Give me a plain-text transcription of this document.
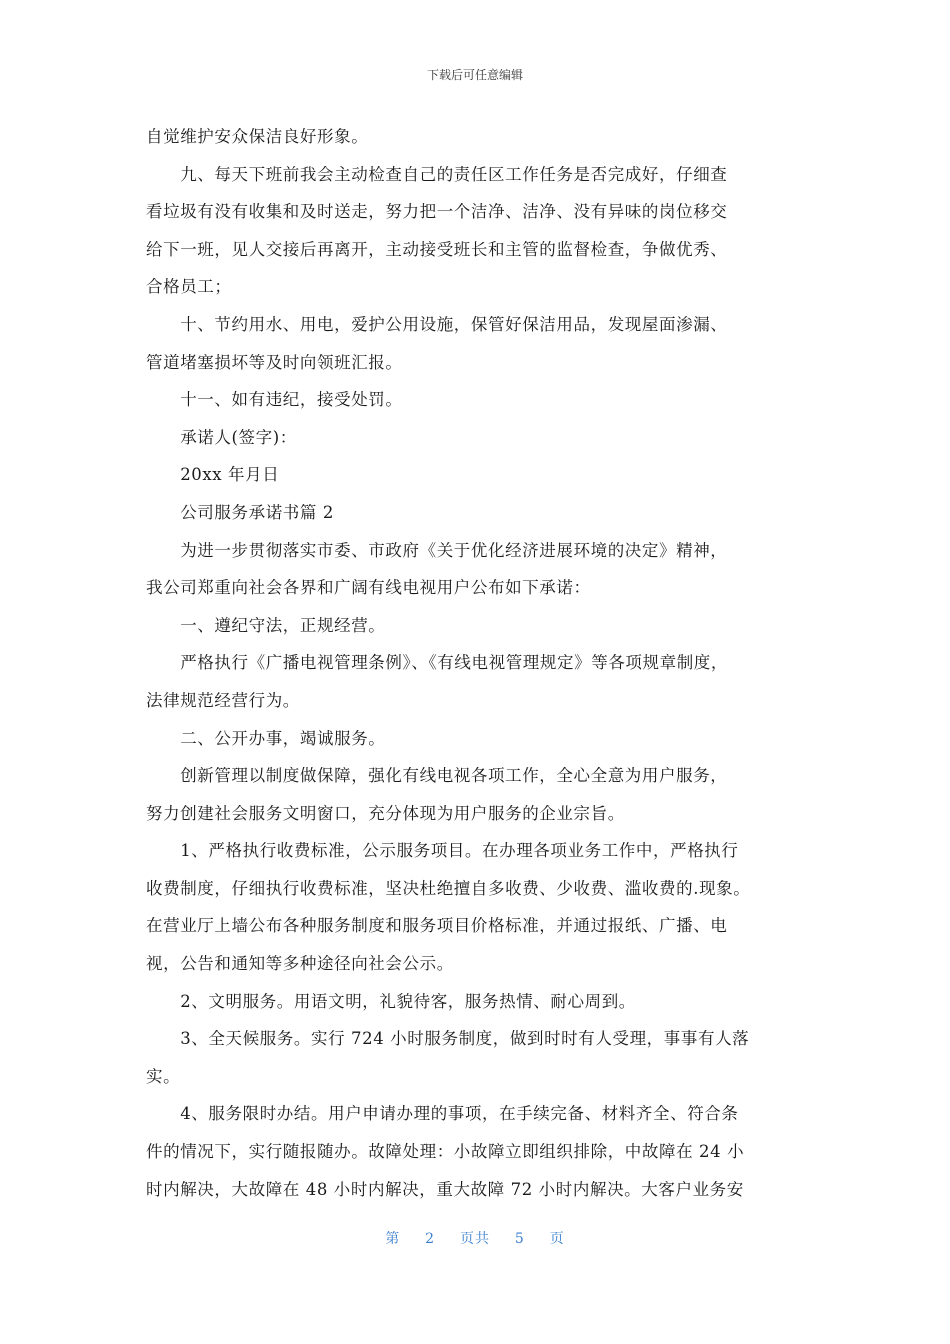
下载后可任意编辑

自觉维护安众保洁良好形象。

　　九、每天下班前我会主动检查自己的责任区工作任务是否完成好，仔细查

看垃圾有没有收集和及时送走，努力把一个洁净、洁净、没有异味的岗位移交

给下一班，见人交接后再离开，主动接受班长和主管的监督检查，争做优秀、

合格员工；

　　十、节约用水、用电，爱护公用设施，保管好保洁用品，发现屋面渗漏、

管道堵塞损坏等及时向领班汇报。

　　十一、如有违纪，接受处罚。

　　承诺人(签字)：

　　20xx 年月日

　　公司服务承诺书篇 2

　　为进一步贯彻落实市委、市政府《关于优化经济进展环境的决定》精神，

我公司郑重向社会各界和广阔有线电视用户公布如下承诺：

　　一、遵纪守法，正规经营。

　　严格执行《广播电视管理条例》、《有线电视管理规定》等各项规章制度，

法律规范经营行为。

　　二、公开办事，竭诚服务。

　　创新管理以制度做保障，强化有线电视各项工作，全心全意为用户服务，

努力创建社会服务文明窗口，充分体现为用户服务的企业宗旨。

　　1、严格执行收费标准，公示服务项目。在办理各项业务工作中，严格执行

收费制度，仔细执行收费标准，坚决杜绝擅自多收费、少收费、滥收费的.现象。

在营业厅上墙公布各种服务制度和服务项目价格标准，并通过报纸、广播、电

视，公告和通知等多种途径向社会公示。

　　2、文明服务。用语文明，礼貌待客，服务热情、耐心周到。

　　3、全天候服务。实行 724 小时服务制度，做到时时有人受理，事事有人落

实。

　　4、服务限时办结。用户申请办理的事项，在手续完备、材料齐全、符合条

件的情况下，实行随报随办。故障处理：小故障立即组织排除，中故障在 24 小

时内解决，大故障在 48 小时内解决，重大故障 72 小时内解决。大客户业务安

第 2 页共 5 页
